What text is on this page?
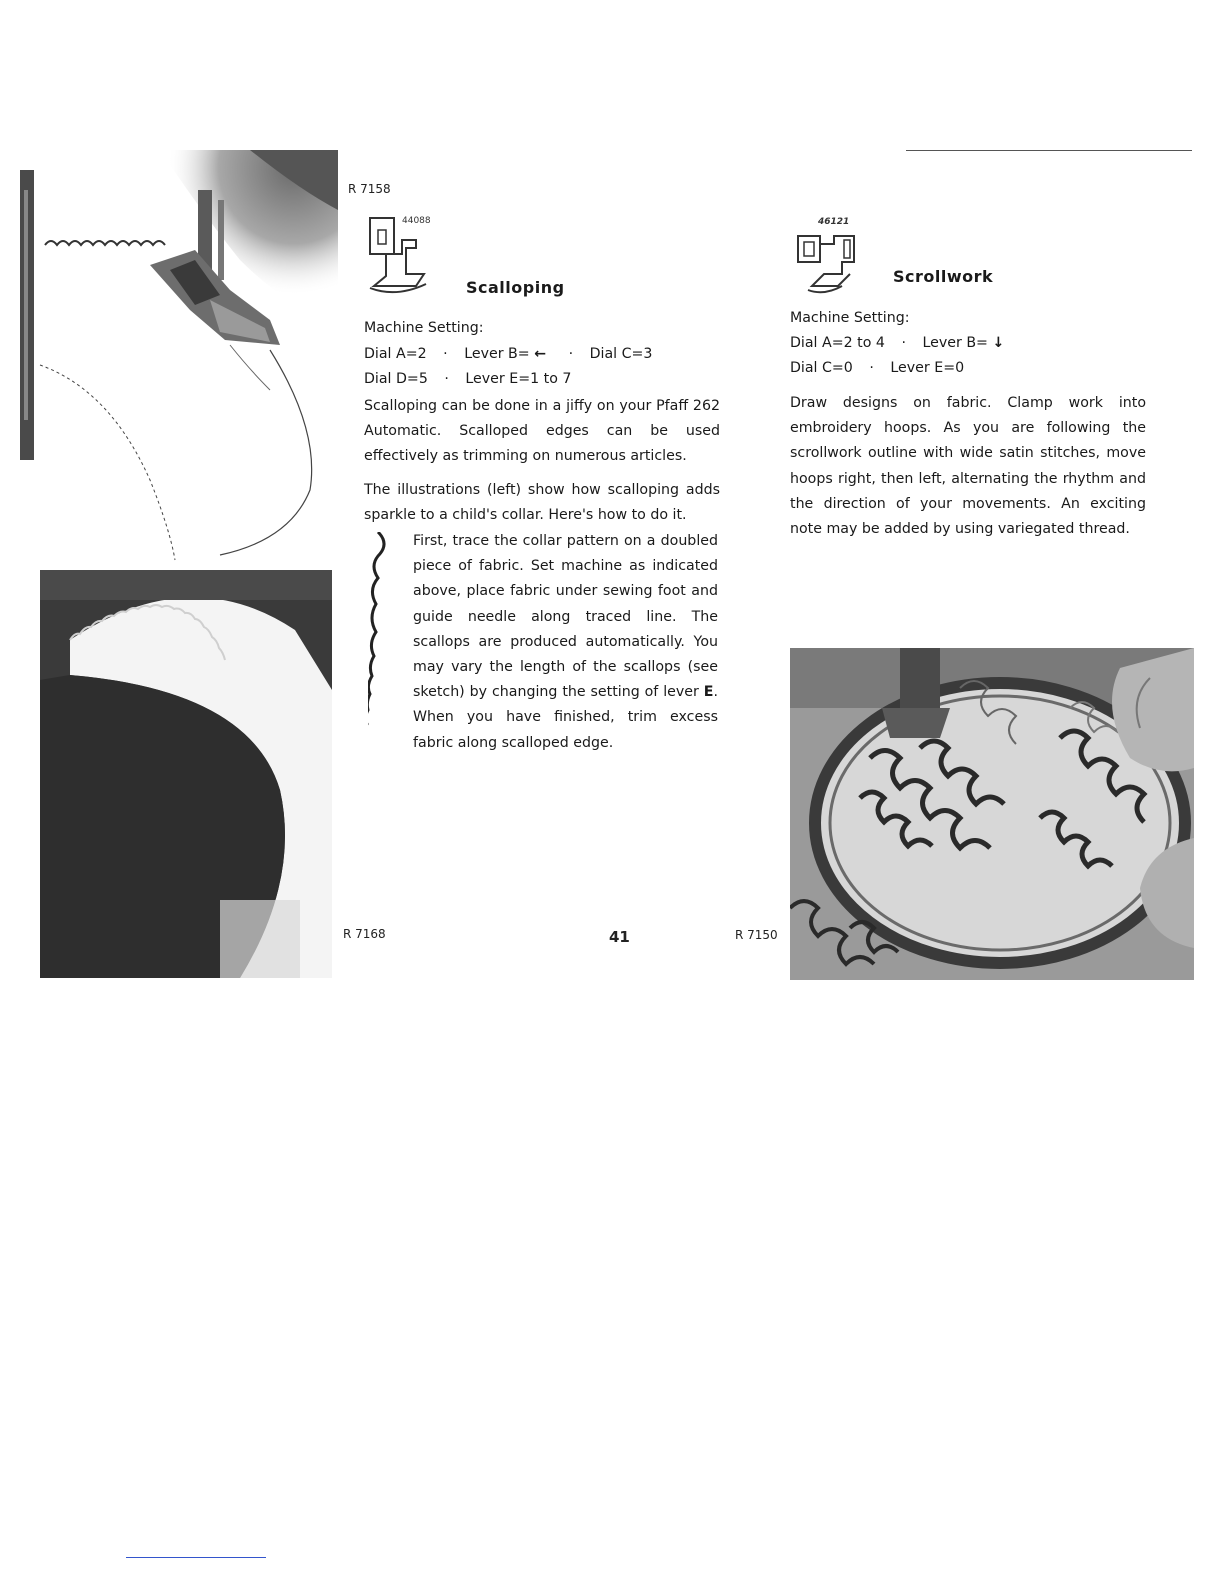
R 7158
44088
Scalloping
Machine Setting:
Dial A=2 · Lever B= ← · Dial C=3
Dial D=5 · Lever E=1 to 7
Scalloping can be done in a jiffy on your Pfaff 262 Automatic. Scalloped edges can be used effectively as trimming on numerous articles.
The illustrations (left) show how scalloping adds sparkle to a child's collar. Here's how to do it.
First, trace the collar pattern on a doubled piece of fabric. Set machine as indicated above, place fabric under sewing foot and guide needle along traced line. The scallops are produced automatically. You may vary the length of the scallops (see sketch) by changing the setting of lever E. When you have finished, trim excess fabric along scalloped edge.
R 7168	41
46121
Scrollwork
Machine Setting:
Dial A=2 to 4 · Lever B= ↓
Dial C=0 · Lever E=0
Draw designs on fabric. Clamp work into embroidery hoops. As you are following the scrollwork outline with wide satin stitches, move hoops right, then left, alternating the rhythm and the direction of your movements. An exciting note may be added by using variegated thread.
R 7150
